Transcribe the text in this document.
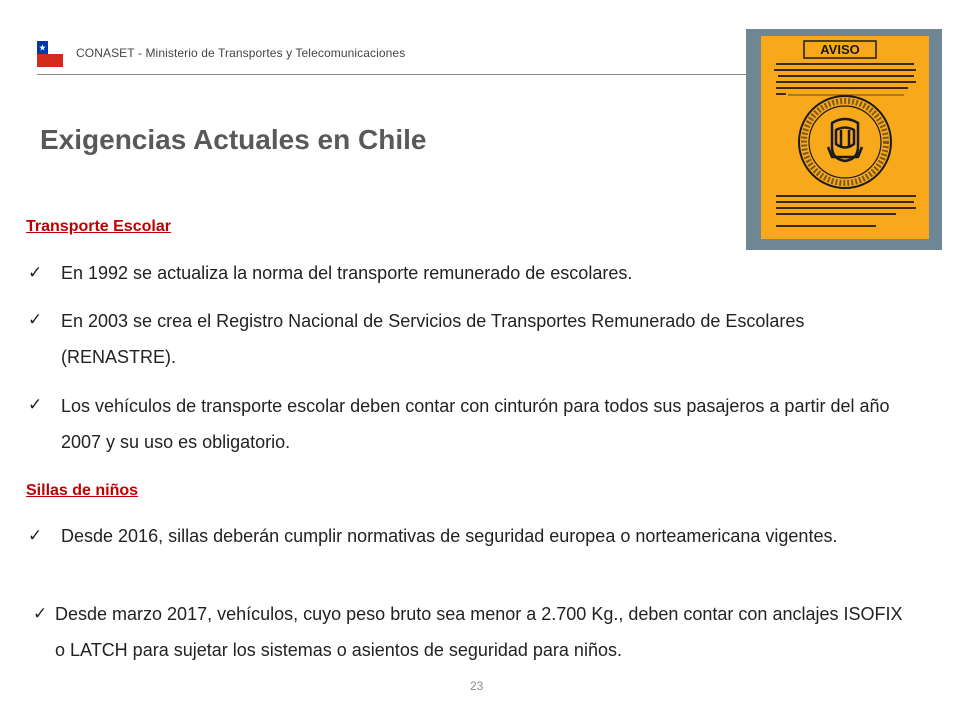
CONASET - Ministerio de Transportes y Telecomunicaciones
Exigencias Actuales en Chile
AVISO
Transporte Escolar
✓ En 1992 se actualiza la norma del transporte remunerado de escolares.
✓ En 2003 se crea el Registro Nacional de Servicios de Transportes Remunerado de Escolares (RENASTRE).
✓ Los vehículos de transporte escolar deben contar con cinturón para todos sus pasajeros a partir del año 2007 y su uso es obligatorio.
Sillas de niños
✓ Desde 2016, sillas deberán cumplir normativas de seguridad europea o norteamericana vigentes.
✓ Desde marzo 2017, vehículos, cuyo peso bruto sea menor a 2.700 Kg., deben contar con anclajes ISOFIX o LATCH para sujetar los sistemas o asientos de seguridad para niños.
23
